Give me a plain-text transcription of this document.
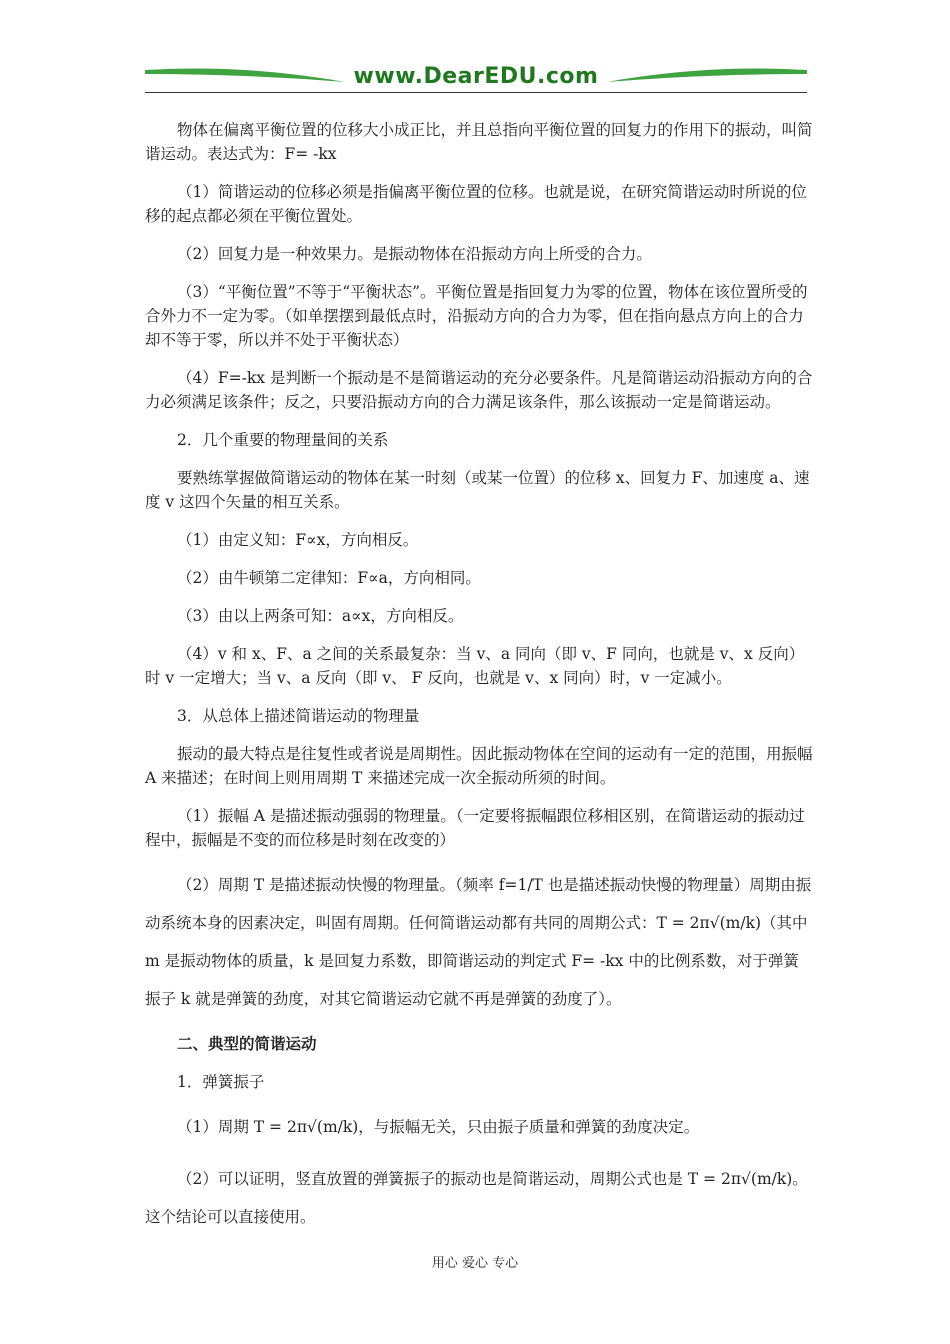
www.DearEDU.com

物体在偏离平衡位置的位移大小成正比，并且总指向平衡位置的回复力的作用下的振动，叫简谐运动。表达式为：F= -kx

（1）简谐运动的位移必须是指偏离平衡位置的位移。也就是说，在研究简谐运动时所说的位移的起点都必须在平衡位置处。

（2）回复力是一种效果力。是振动物体在沿振动方向上所受的合力。

（3）“平衡位置”不等于“平衡状态”。平衡位置是指回复力为零的位置，物体在该位置所受的合外力不一定为零。（如单摆摆到最低点时，沿振动方向的合力为零，但在指向悬点方向上的合力却不等于零，所以并不处于平衡状态）

（4）F=-kx 是判断一个振动是不是简谐运动的充分必要条件。凡是简谐运动沿振动方向的合力必须满足该条件；反之，只要沿振动方向的合力满足该条件，那么该振动一定是简谐运动。

2．几个重要的物理量间的关系

要熟练掌握做简谐运动的物体在某一时刻（或某一位置）的位移 x、回复力 F、加速度 a、速度 v 这四个矢量的相互关系。

（1）由定义知：F∝x，方向相反。

（2）由牛顿第二定律知：F∝a，方向相同。

（3）由以上两条可知：a∝x，方向相反。

（4）v 和 x、F、a 之间的关系最复杂：当 v、a 同向（即 v、F 同向，也就是 v、x 反向）时 v 一定增大；当 v、a 反向（即 v、 F 反向，也就是 v、x 同向）时，v 一定减小。

3．从总体上描述简谐运动的物理量

振动的最大特点是往复性或者说是周期性。因此振动物体在空间的运动有一定的范围，用振幅 A 来描述；在时间上则用周期 T 来描述完成一次全振动所须的时间。

（1）振幅 A 是描述振动强弱的物理量。（一定要将振幅跟位移相区别，在简谐运动的振动过程中，振幅是不变的而位移是时刻在改变的）

（2）周期 T 是描述振动快慢的物理量。（频率 f=1/T 也是描述振动快慢的物理量）周期由振动系统本身的因素决定，叫固有周期。任何简谐运动都有共同的周期公式：T = 2π√(m/k)（其中 m 是振动物体的质量，k 是回复力系数，即简谐运动的判定式 F= -kx 中的比例系数，对于弹簧振子 k 就是弹簧的劲度，对其它简谐运动它就不再是弹簧的劲度了）。

二、典型的简谐运动

1．弹簧振子

（1）周期 T = 2π√(m/k)，与振幅无关，只由振子质量和弹簧的劲度决定。

（2）可以证明，竖直放置的弹簧振子的振动也是简谐运动，周期公式也是 T = 2π√(m/k)。这个结论可以直接使用。

用心 爱心 专心
